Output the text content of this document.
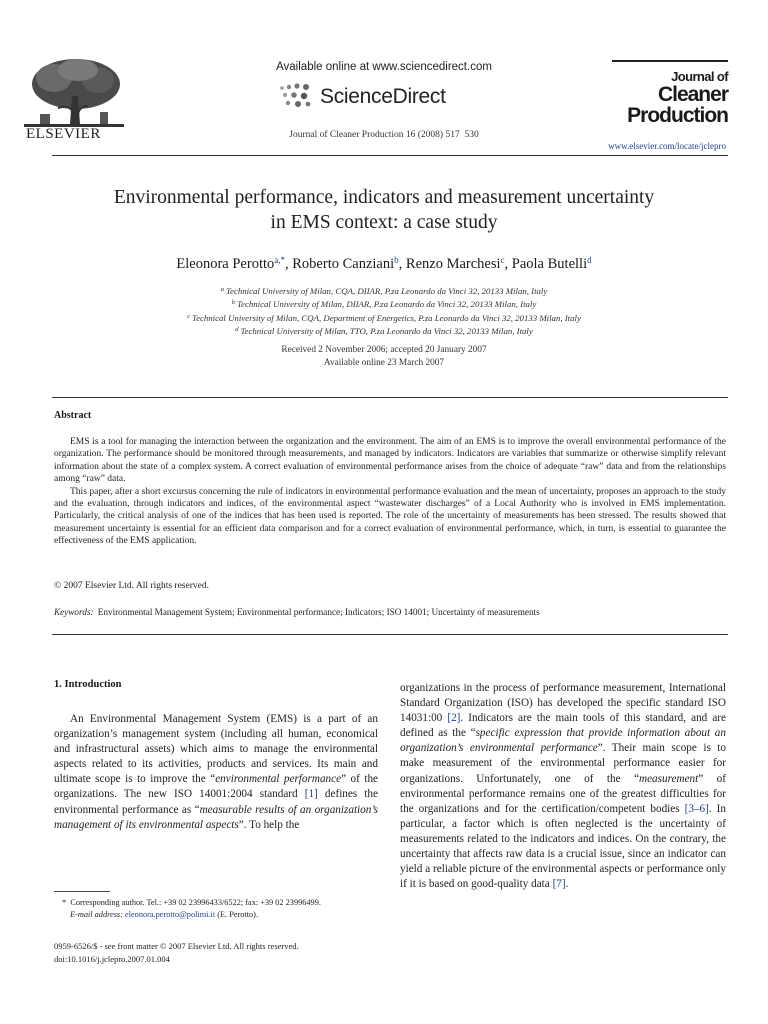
ELSEVIER
Available online at www.sciencedirect.com
ScienceDirect
Journal of Cleaner Production 16 (2008) 517  530
Journal of
Cleaner
Production
www.elsevier.com/locate/jclepro
Environmental performance, indicators and measurement uncertainty
in EMS context: a case study
Eleonora Perotto$^{a,*}$, Roberto Canziani$^b$, Renzo Marchesi$^c$, Paola Butelli$^d$
$^a$ Technical University of Milan, CQA, DIIAR, P.za Leonardo da Vinci 32, 20133 Milan, Italy
$^b$ Technical University of Milan, DIIAR, P.za Leonardo da Vinci 32, 20133 Milan, Italy
$^c$ Technical University of Milan, CQA, Department of Energetics, P.za Leonardo da Vinci 32, 20133 Milan, Italy
$^d$ Technical University of Milan, TTO, P.za Leonardo da Vinci 32, 20133 Milan, Italy
Received 2 November 2006; accepted 20 January 2007
Available online 23 March 2007
Abstract

EMS is a tool for managing the interaction between the organization and the environment. The aim of an EMS is to improve the overall environmental performance of the organization. The performance should be monitored through measurements, and managed by indicators. Indicators are variables that summarize or otherwise simplify relevant information about the state of a complex system. A correct evaluation of environmental performance arises from the choice of adequate “raw” data and from the relationships among “raw” data.

This paper, after a short excursus concerning the rule of indicators in environmental performance evaluation and the mean of uncertainty, proposes an approach to the study and the evaluation, through indicators and indices, of the environmental aspect “wastewater discharges” of a Local Authority who is involved in EMS implementation. Particularly, the critical analysis of one of the indices that has been used is reported. The role of the uncertainty of measurements has been stressed. The results showed that measurement uncertainty is essential for an efficient data comparison and for a correct evaluation of environmental performance, which, in turn, is essential to guarantee the effectiveness of the EMS application.

© 2007 Elsevier Ltd. All rights reserved.
Keywords: Environmental Management System; Environmental performance; Indicators; ISO 14001; Uncertainty of measurements
1. Introduction

An Environmental Management System (EMS) is a part of an organization’s management system (including all human, economical and infrastructural assets) which aims to manage the environmental aspects related to its activities, products and services. Its main and ultimate scope is to improve the “environmental performance” of the organizations. The new ISO 14001:2004 standard [1] defines the environmental performance as “measurable results of an organization’s management of its environmental aspects”. To help the

organizations in the process of performance measurement, International Standard Organization (ISO) has developed the specific standard ISO 14031:00 [2]. Indicators are the main tools of this standard, and are defined as the “specific expression that provide information about an organization’s environmental performance”. Their main scope is to make measurement of the environmental performance easier for organizations. Unfortunately, one of the “measurement” of environmental performance remains one of the greatest difficulties for the organizations and for the certification/competent bodies [3–6]. In particular, a factor which is often neglected is the uncertainty of measurements related to the indicators and indices. On the contrary, the uncertainty that affects raw data is a crucial issue, since an indicator can yield a reliable picture of the environmental aspects or performance only if it is based on good-quality data [7].

* Corresponding author. Tel.: +39 02 23996433/6522; fax: +39 02 23996499.
E-mail address: eleonora.perotto@polimi.it (E. Perotto).
0959-6526/$ - see front matter © 2007 Elsevier Ltd. All rights reserved.
doi:10.1016/j.jclepro.2007.01.004
